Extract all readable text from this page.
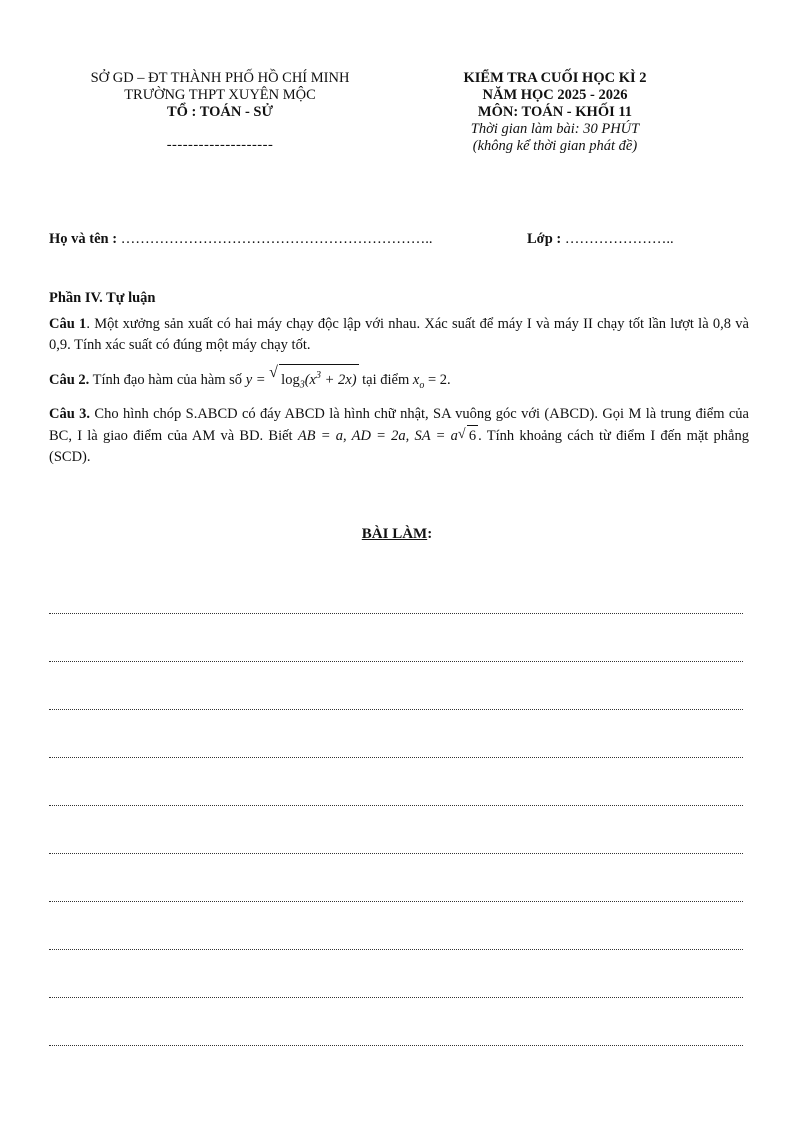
SỞ GD – ĐT THÀNH PHỐ HỒ CHÍ MINH
TRƯỜNG THPT XUYÊN MỘC
TỔ : TOÁN - SỬ
--------------------
KIỂM TRA CUỐI HỌC KÌ 2
NĂM HỌC 2025 - 2026
MÔN: TOÁN - KHỐI 11
Thời gian làm bài: 30 PHÚT
(không kể thời gian phát đề)
Họ và tên : ………………………………………………………..	Lớp : …………………..
Phần IV. Tự luận

Câu 1. Một xưởng sản xuất có hai máy chạy độc lập với nhau. Xác suất để máy I và máy II chạy tốt lần lượt là 0,8 và 0,9. Tính xác suất có đúng một máy chạy tốt.

Câu 2. Tính đạo hàm của hàm số y = √ $\log_3(x^3 + 2x)$ tại điểm $x_o = 2$.

Câu 3. Cho hình chóp S.ABCD có đáy ABCD là hình chữ nhật, SA vuông góc với (ABCD). Gọi M là trung điểm của BC, I là giao điểm của AM và BD. Biết AB = a, AD = 2a, SA = a √ 6 . Tính khoảng cách từ điểm I đến mặt phẳng (SCD).

BÀI LÀM:
